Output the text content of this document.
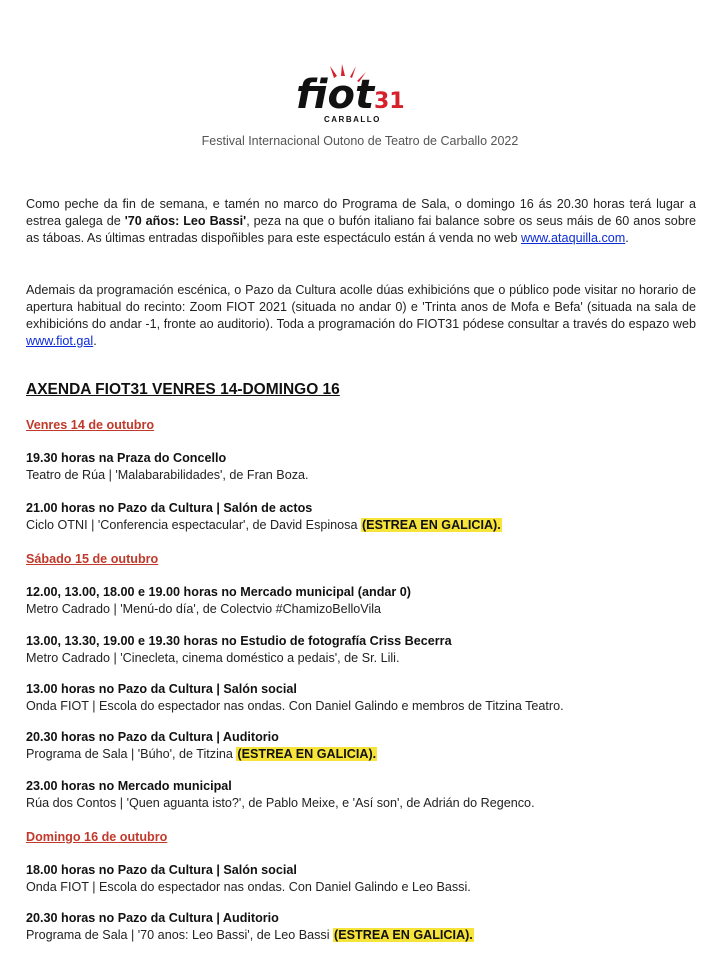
fiot 31
CARBALLO
Festival Internacional Outono de Teatro de Carballo 2022
Como peche da fin de semana, e tamén no marco do Programa de Sala, o domingo 16 ás 20.30 horas terá lugar a estrea galega de '70 años: Leo Bassi', peza na que o bufón italiano fai balance sobre os seus máis de 60 anos sobre as táboas. As últimas entradas dispoñibles para este espectáculo están á venda no web www.ataquilla.com.
Ademais da programación escénica, o Pazo da Cultura acolle dúas exhibicións que o público pode visitar no horario de apertura habitual do recinto: Zoom FIOT 2021 (situada no andar 0) e 'Trinta anos de Mofa e Befa' (situada na sala de exhibicións do andar -1, fronte ao auditorio). Toda a programación do FIOT31 pódese consultar a través do espazo web www.fiot.gal.
AXENDA FIOT31 VENRES 14-DOMINGO 16
Venres 14 de outubro
19.30 horas na Praza do Concello
Teatro de Rúa | 'Malabarabilidades', de Fran Boza.
21.00 horas no Pazo da Cultura | Salón de actos
Ciclo OTNI | 'Conferencia espectacular', de David Espinosa (ESTREA EN GALICIA).
Sábado 15 de outubro
12.00, 13.00, 18.00 e 19.00 horas no Mercado municipal (andar 0)
Metro Cadrado | 'Menú-do día', de Colectvio #ChamizoBelloVila
13.00, 13.30, 19.00 e 19.30 horas no Estudio de fotografía Criss Becerra
Metro Cadrado | 'Cinecleta, cinema doméstico a pedais', de Sr. Lili.
13.00 horas no Pazo da Cultura | Salón social
Onda FIOT | Escola do espectador nas ondas. Con Daniel Galindo e membros de Titzina Teatro.
20.30 horas no Pazo da Cultura | Auditorio
Programa de Sala | 'Búho', de Titzina (ESTREA EN GALICIA).
23.00 horas no Mercado municipal
Rúa dos Contos | 'Quen aguanta isto?', de Pablo Meixe, e 'Así son', de Adrián do Regenco.
Domingo 16 de outubro
18.00 horas no Pazo da Cultura | Salón social
Onda FIOT | Escola do espectador nas ondas. Con Daniel Galindo e Leo Bassi.
20.30 horas no Pazo da Cultura | Auditorio
Programa de Sala | '70 anos: Leo Bassi', de Leo Bassi (ESTREA EN GALICIA).
